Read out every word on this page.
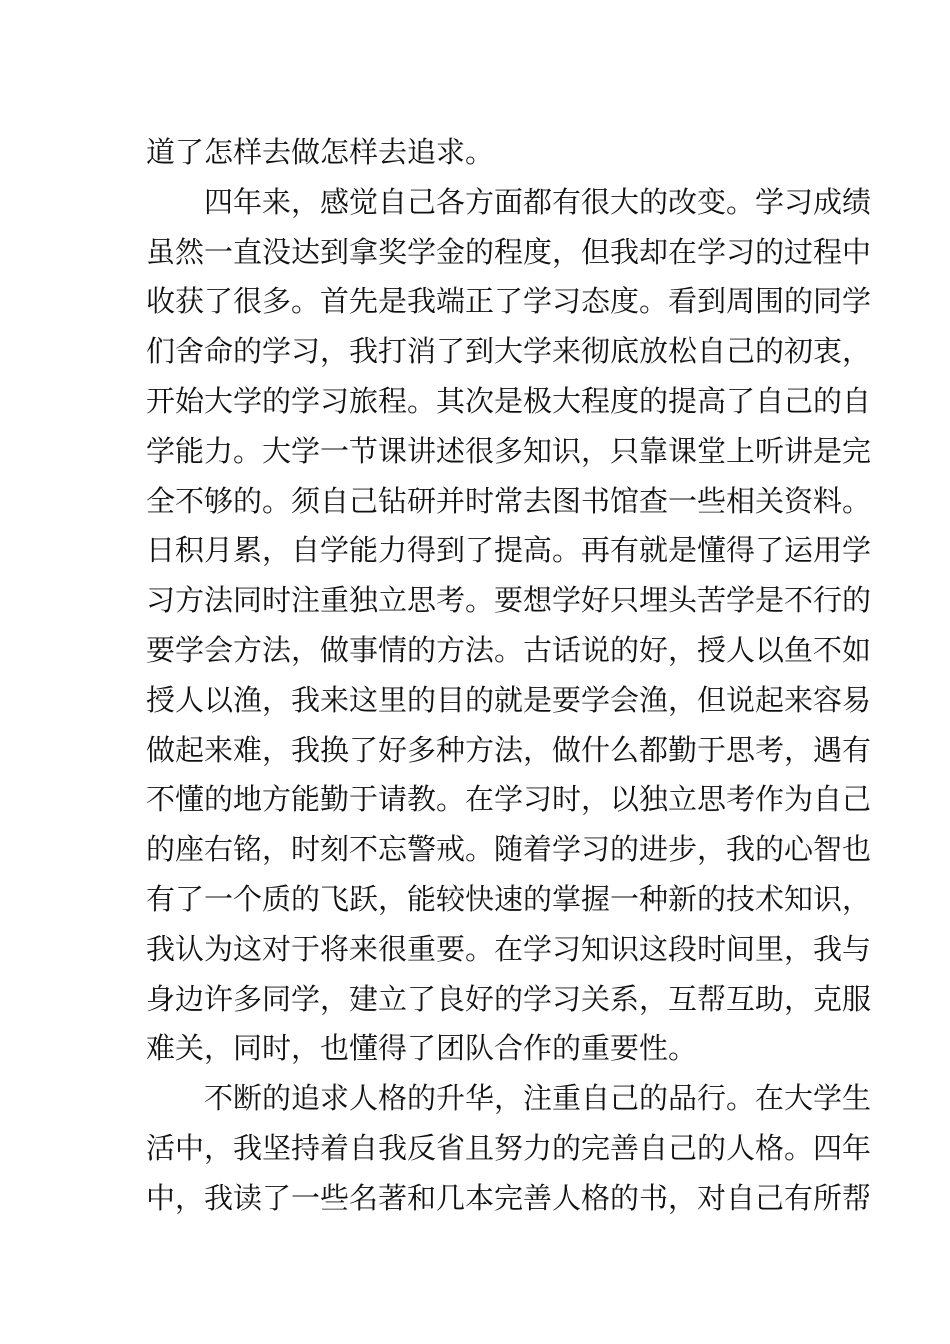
道了怎样去做怎样去追求。
四年来，感觉自己各方面都有很大的改变。学习成绩
虽然一直没达到拿奖学金的程度，但我却在学习的过程中
收获了很多。首先是我端正了学习态度。看到周围的同学
们舍命的学习，我打消了到大学来彻底放松自己的初衷，
开始大学的学习旅程。其次是极大程度的提高了自己的自
学能力。大学一节课讲述很多知识，只靠课堂上听讲是完
全不够的。须自己钻研并时常去图书馆查一些相关资料。
日积月累，自学能力得到了提高。再有就是懂得了运用学
习方法同时注重独立思考。要想学好只埋头苦学是不行的
要学会方法，做事情的方法。古话说的好，授人以鱼不如
授人以渔，我来这里的目的就是要学会渔，但说起来容易
做起来难，我换了好多种方法，做什么都勤于思考，遇有
不懂的地方能勤于请教。在学习时，以独立思考作为自己
的座右铭，时刻不忘警戒。随着学习的进步，我的心智也
有了一个质的飞跃，能较快速的掌握一种新的技术知识，
我认为这对于将来很重要。在学习知识这段时间里，我与
身边许多同学，建立了良好的学习关系，互帮互助，克服
难关，同时，也懂得了团队合作的重要性。
不断的追求人格的升华，注重自己的品行。在大学生
活中，我坚持着自我反省且努力的完善自己的人格。四年
中，我读了一些名著和几本完善人格的书，对自己有所帮
